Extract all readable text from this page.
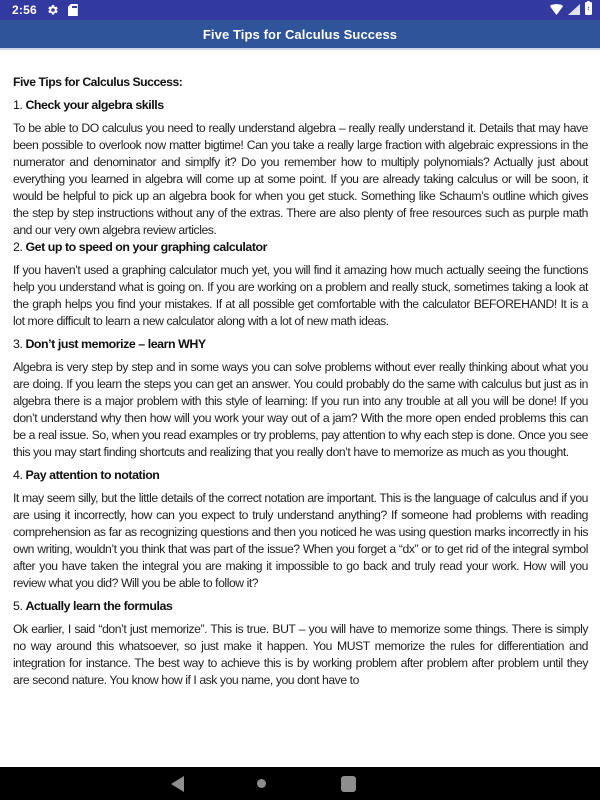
2:56
Five Tips for Calculus Success

Five Tips for Calculus Success:

1. Check your algebra skills

To be able to DO calculus you need to really understand algebra – really really understand it. Details that may have been possible to overlook now matter bigtime! Can you take a really large fraction with algebraic expressions in the numerator and denominator and simplfy it? Do you remember how to multiply polynomials? Actually just about everything you learned in algebra will come up at some point. If you are already taking calculus or will be soon, it would be helpful to pick up an algebra book for when you get stuck. Something like Schaum’s outline which gives the step by step instructions without any of the extras. There are also plenty of free resources such as purple math and our very own algebra review articles.

2. Get up to speed on your graphing calculator

If you haven’t used a graphing calculator much yet, you will find it amazing how much actually seeing the functions help you understand what is going on. If you are working on a problem and really stuck, sometimes taking a look at the graph helps you find your mistakes. If at all possible get comfortable with the calculator BEFOREHAND! It is a lot more difficult to learn a new calculator along with a lot of new math ideas.

3. Don’t just memorize – learn WHY

Algebra is very step by step and in some ways you can solve problems without ever really thinking about what you are doing. If you learn the steps you can get an answer. You could probably do the same with calculus but just as in algebra there is a major problem with this style of learning: If you run into any trouble at all you will be done! If you don’t understand why then how will you work your way out of a jam? With the more open ended problems this can be a real issue. So, when you read examples or try problems, pay attention to why each step is done. Once you see this you may start finding shortcuts and realizing that you really don’t have to memorize as much as you thought.

4. Pay attention to notation

It may seem silly, but the little details of the correct notation are important. This is the language of calculus and if you are using it incorrectly, how can you expect to truly understand anything? If someone had problems with reading comprehension as far as recognizing questions and then you noticed he was using question marks incorrectly in his own writing, wouldn’t you think that was part of the issue? When you forget a “dx” or to get rid of the integral symbol after you have taken the integral you are making it impossible to go back and truly read your work. How will you review what you did? Will you be able to follow it?

5. Actually learn the formulas

Ok earlier, I said “don’t just memorize”. This is true. BUT – you will have to memorize some things. There is simply no way around this whatsoever, so just make it happen. You MUST memorize the rules for differentiation and integration for instance. The best way to achieve this is by working problem after problem after problem until they are second nature. You know how if I ask you name, you dont have to
